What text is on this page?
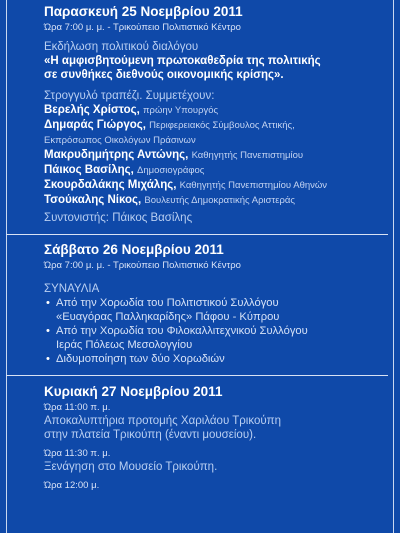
Παρασκευή 25 Νοεμβρίου 2011
Ώρα 7:00 μ. μ. - Τρικούπειο Πολιτιστικό Κέντρο
Εκδήλωση πολιτικού διαλόγου
«Η αμφισβητούμενη πρωτοκαθεδρία της πολιτικής
σε συνθήκες διεθνούς οικονομικής κρίσης».
Στρογγυλό τραπέζι. Συμμετέχουν:
Βερελής Χρίστος, πρώην Υπουργός
Δημαράς Γιώργος, Περιφερειακός Σύμβουλος Αττικής,
Εκπρόσωπος Οικολόγων Πράσινων
Μακρυδημήτρης Αντώνης, Καθηγητής Πανεπιστημίου
Πάικος Βασίλης, Δημοσιογράφος
Σκουρδαλάκης Μιχάλης, Καθηγητής Πανεπιστημίου Αθηνών
Τσούκαλης Νίκος, Βουλευτής Δημοκρατικής Αριστεράς
Συντονιστής: Πάικος Βασίλης
Σάββατο 26 Νοεμβρίου 2011
Ώρα 7:00 μ. μ. - Τρικούπειο Πολιτιστικό Κέντρο
ΣΥΝΑΥΛΙΑ
• Από την Χορωδία του Πολιτιστικού Συλλόγου
«Ευαγόρας Παλληκαρίδης» Πάφου - Κύπρου
• Από την Χορωδία του Φιλοκαλλιτεχνικού Συλλόγου
Ιεράς Πόλεως Μεσολογγίου
• Διδυμοποίηση των δύο Χορωδιών
Κυριακή 27 Νοεμβρίου 2011
Ώρα 11:00 π. μ.
Αποκαλυπτήρια προτομής Χαριλάου Τρικούπη
στην πλατεία Τρικούπη (έναντι μουσείου).
Ώρα 11:30 π. μ.
Ξενάγηση στο Μουσείο Τρικούπη.
Ώρα 12:00 μ.
